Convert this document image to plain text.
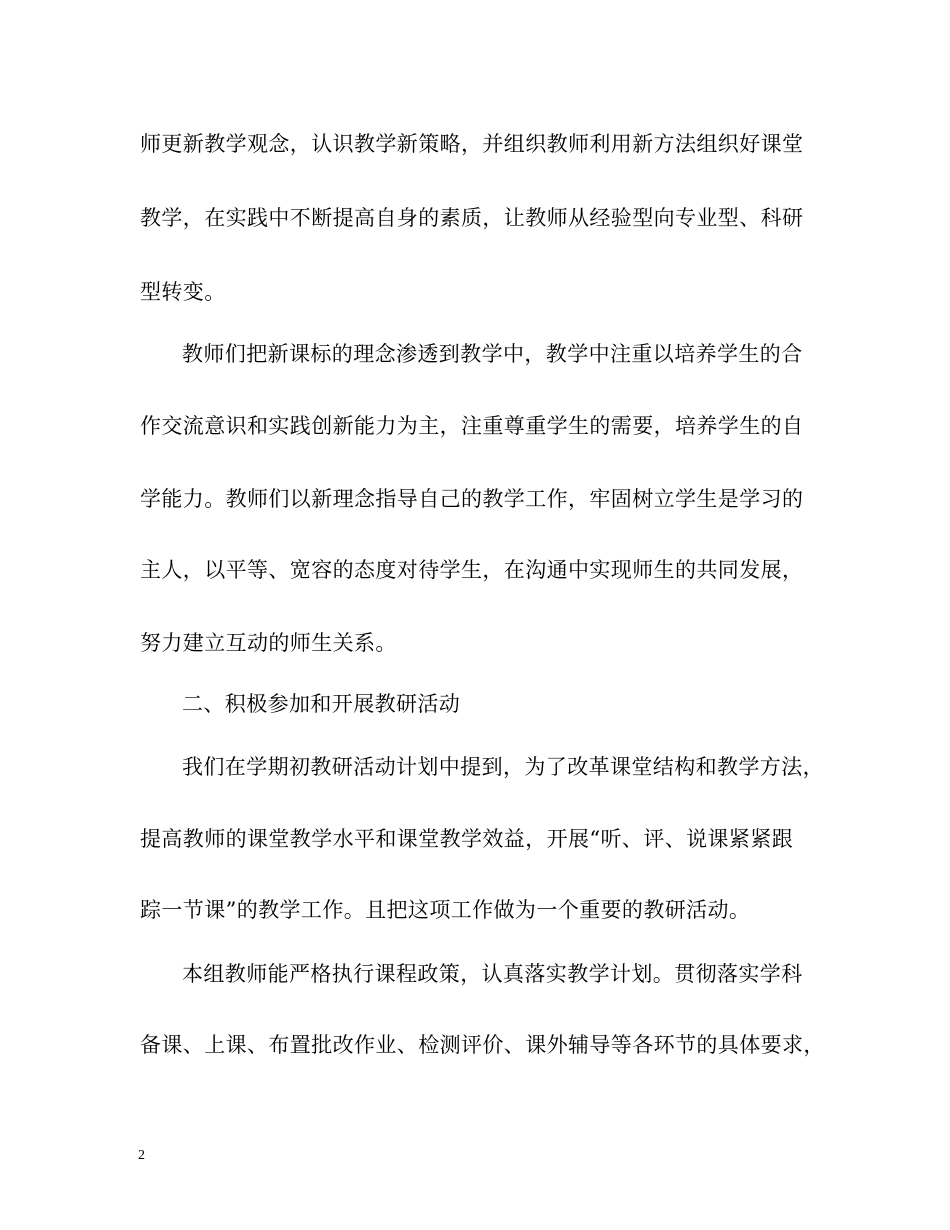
师更新教学观念，认识教学新策略，并组织教师利用新方法组织好课堂
教学，在实践中不断提高自身的素质，让教师从经验型向专业型、科研
型转变。
教师们把新课标的理念渗透到教学中，教学中注重以培养学生的合
作交流意识和实践创新能力为主，注重尊重学生的需要，培养学生的自
学能力。教师们以新理念指导自己的教学工作，牢固树立学生是学习的
主人，以平等、宽容的态度对待学生，在沟通中实现师生的共同发展，
努力建立互动的师生关系。
二、积极参加和开展教研活动
我们在学期初教研活动计划中提到，为了改革课堂结构和教学方法，
提高教师的课堂教学水平和课堂教学效益，开展“听、评、说课紧紧跟
踪一节课”的教学工作。且把这项工作做为一个重要的教研活动。
本组教师能严格执行课程政策，认真落实教学计划。贯彻落实学科
备课、上课、布置批改作业、检测评价、课外辅导等各环节的具体要求，
2
